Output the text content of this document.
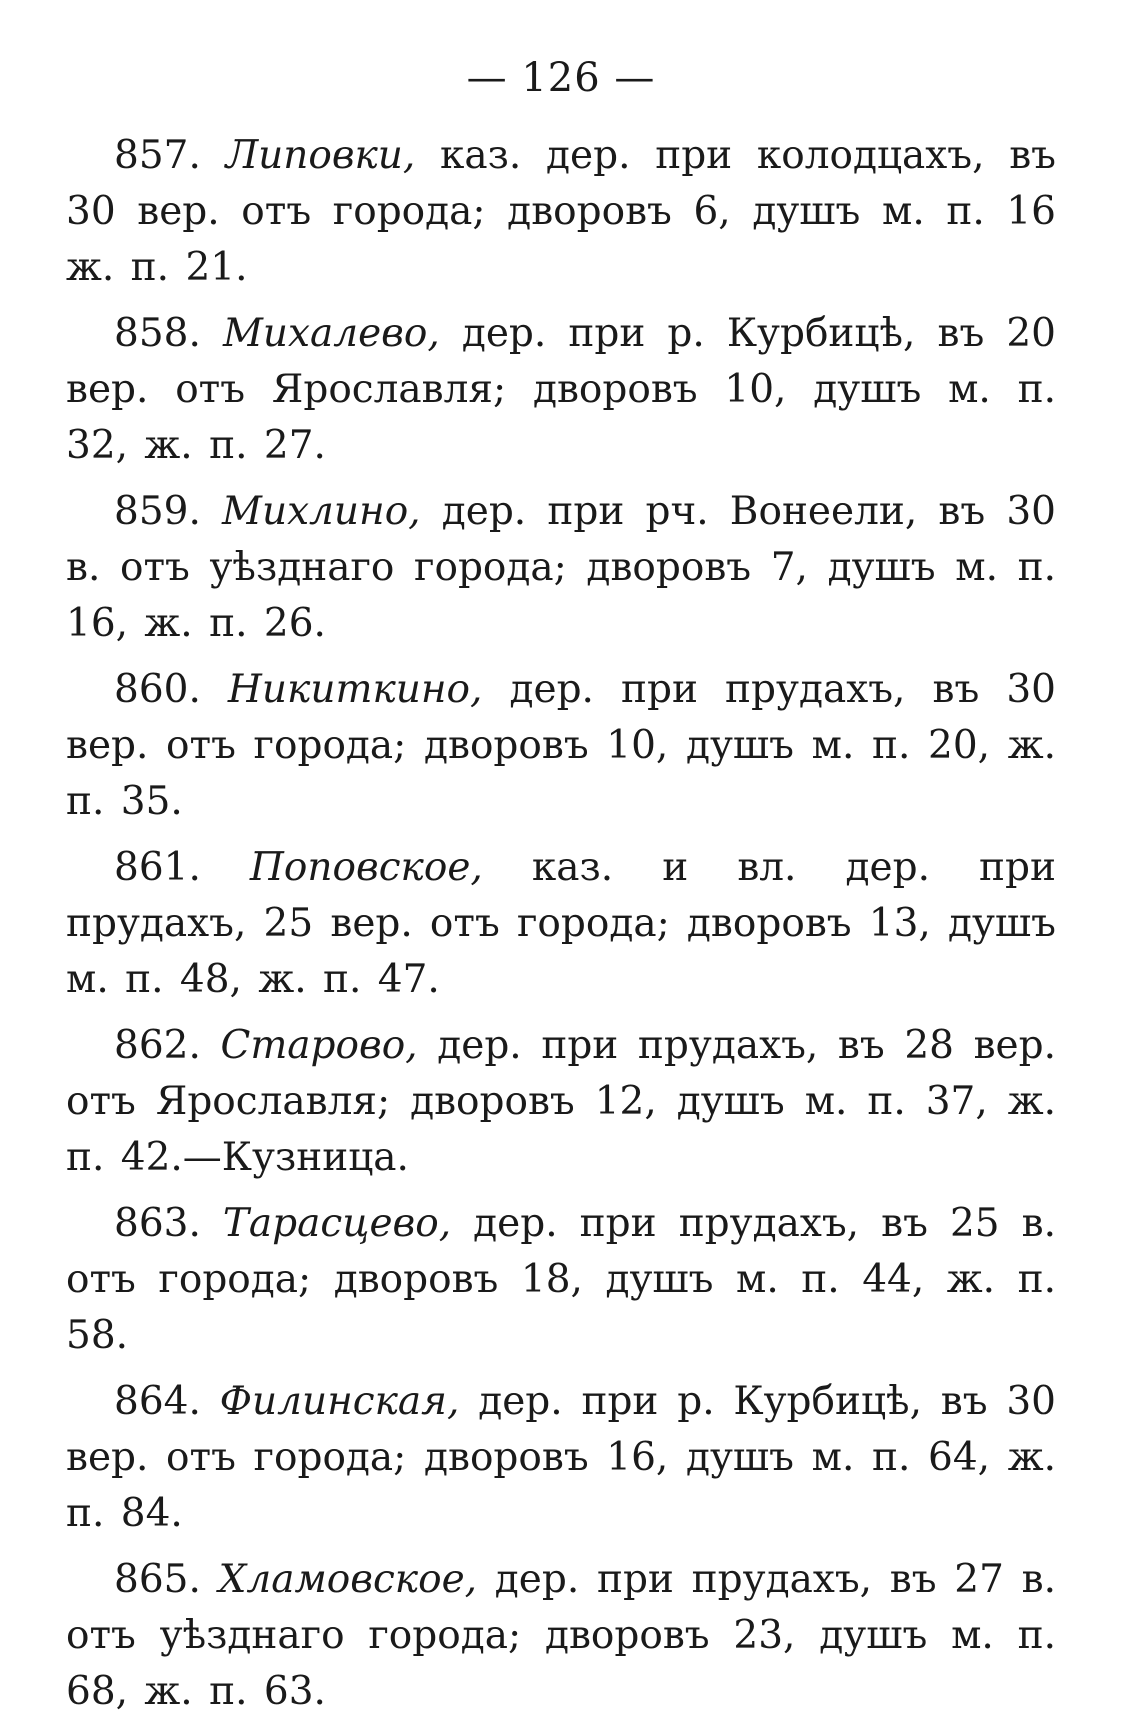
— 126 —
857. Липовки, каз. дер. при колодцахъ, въ 30 вер. отъ города; дворовъ 6, душъ м. п. 16 ж. п. 21.
858. Михалево, дер. при р. Курбицѣ, въ 20 вер. отъ Ярославля; дворовъ 10, душъ м. п. 32, ж. п. 27.
859. Михлино, дер. при рч. Вонеели, въ 30 в. отъ уѣзднаго города; дворовъ 7, душъ м. п. 16, ж. п. 26.
860. Никиткино, дер. при прудахъ, въ 30 вер. отъ города; дворовъ 10, душъ м. п. 20, ж. п. 35.
861. Поповское, каз. и вл. дер. при прудахъ, 25 вер. отъ города; дворовъ 13, душъ м. п. 48, ж. п. 47.
862. Старово, дер. при прудахъ, въ 28 вер. отъ Ярославля; дворовъ 12, душъ м. п. 37, ж. п. 42.—Кузница.
863. Тарасцево, дер. при прудахъ, въ 25 в. отъ города; дворовъ 18, душъ м. п. 44, ж. п. 58.
864. Филинская, дер. при р. Курбицѣ, въ 30 вер. отъ города; дворовъ 16, душъ м. п. 64, ж. п. 84.
865. Хламовское, дер. при прудахъ, въ 27 в. отъ уѣзднаго города; дворовъ 23, душъ м. п. 68, ж. п. 63.
